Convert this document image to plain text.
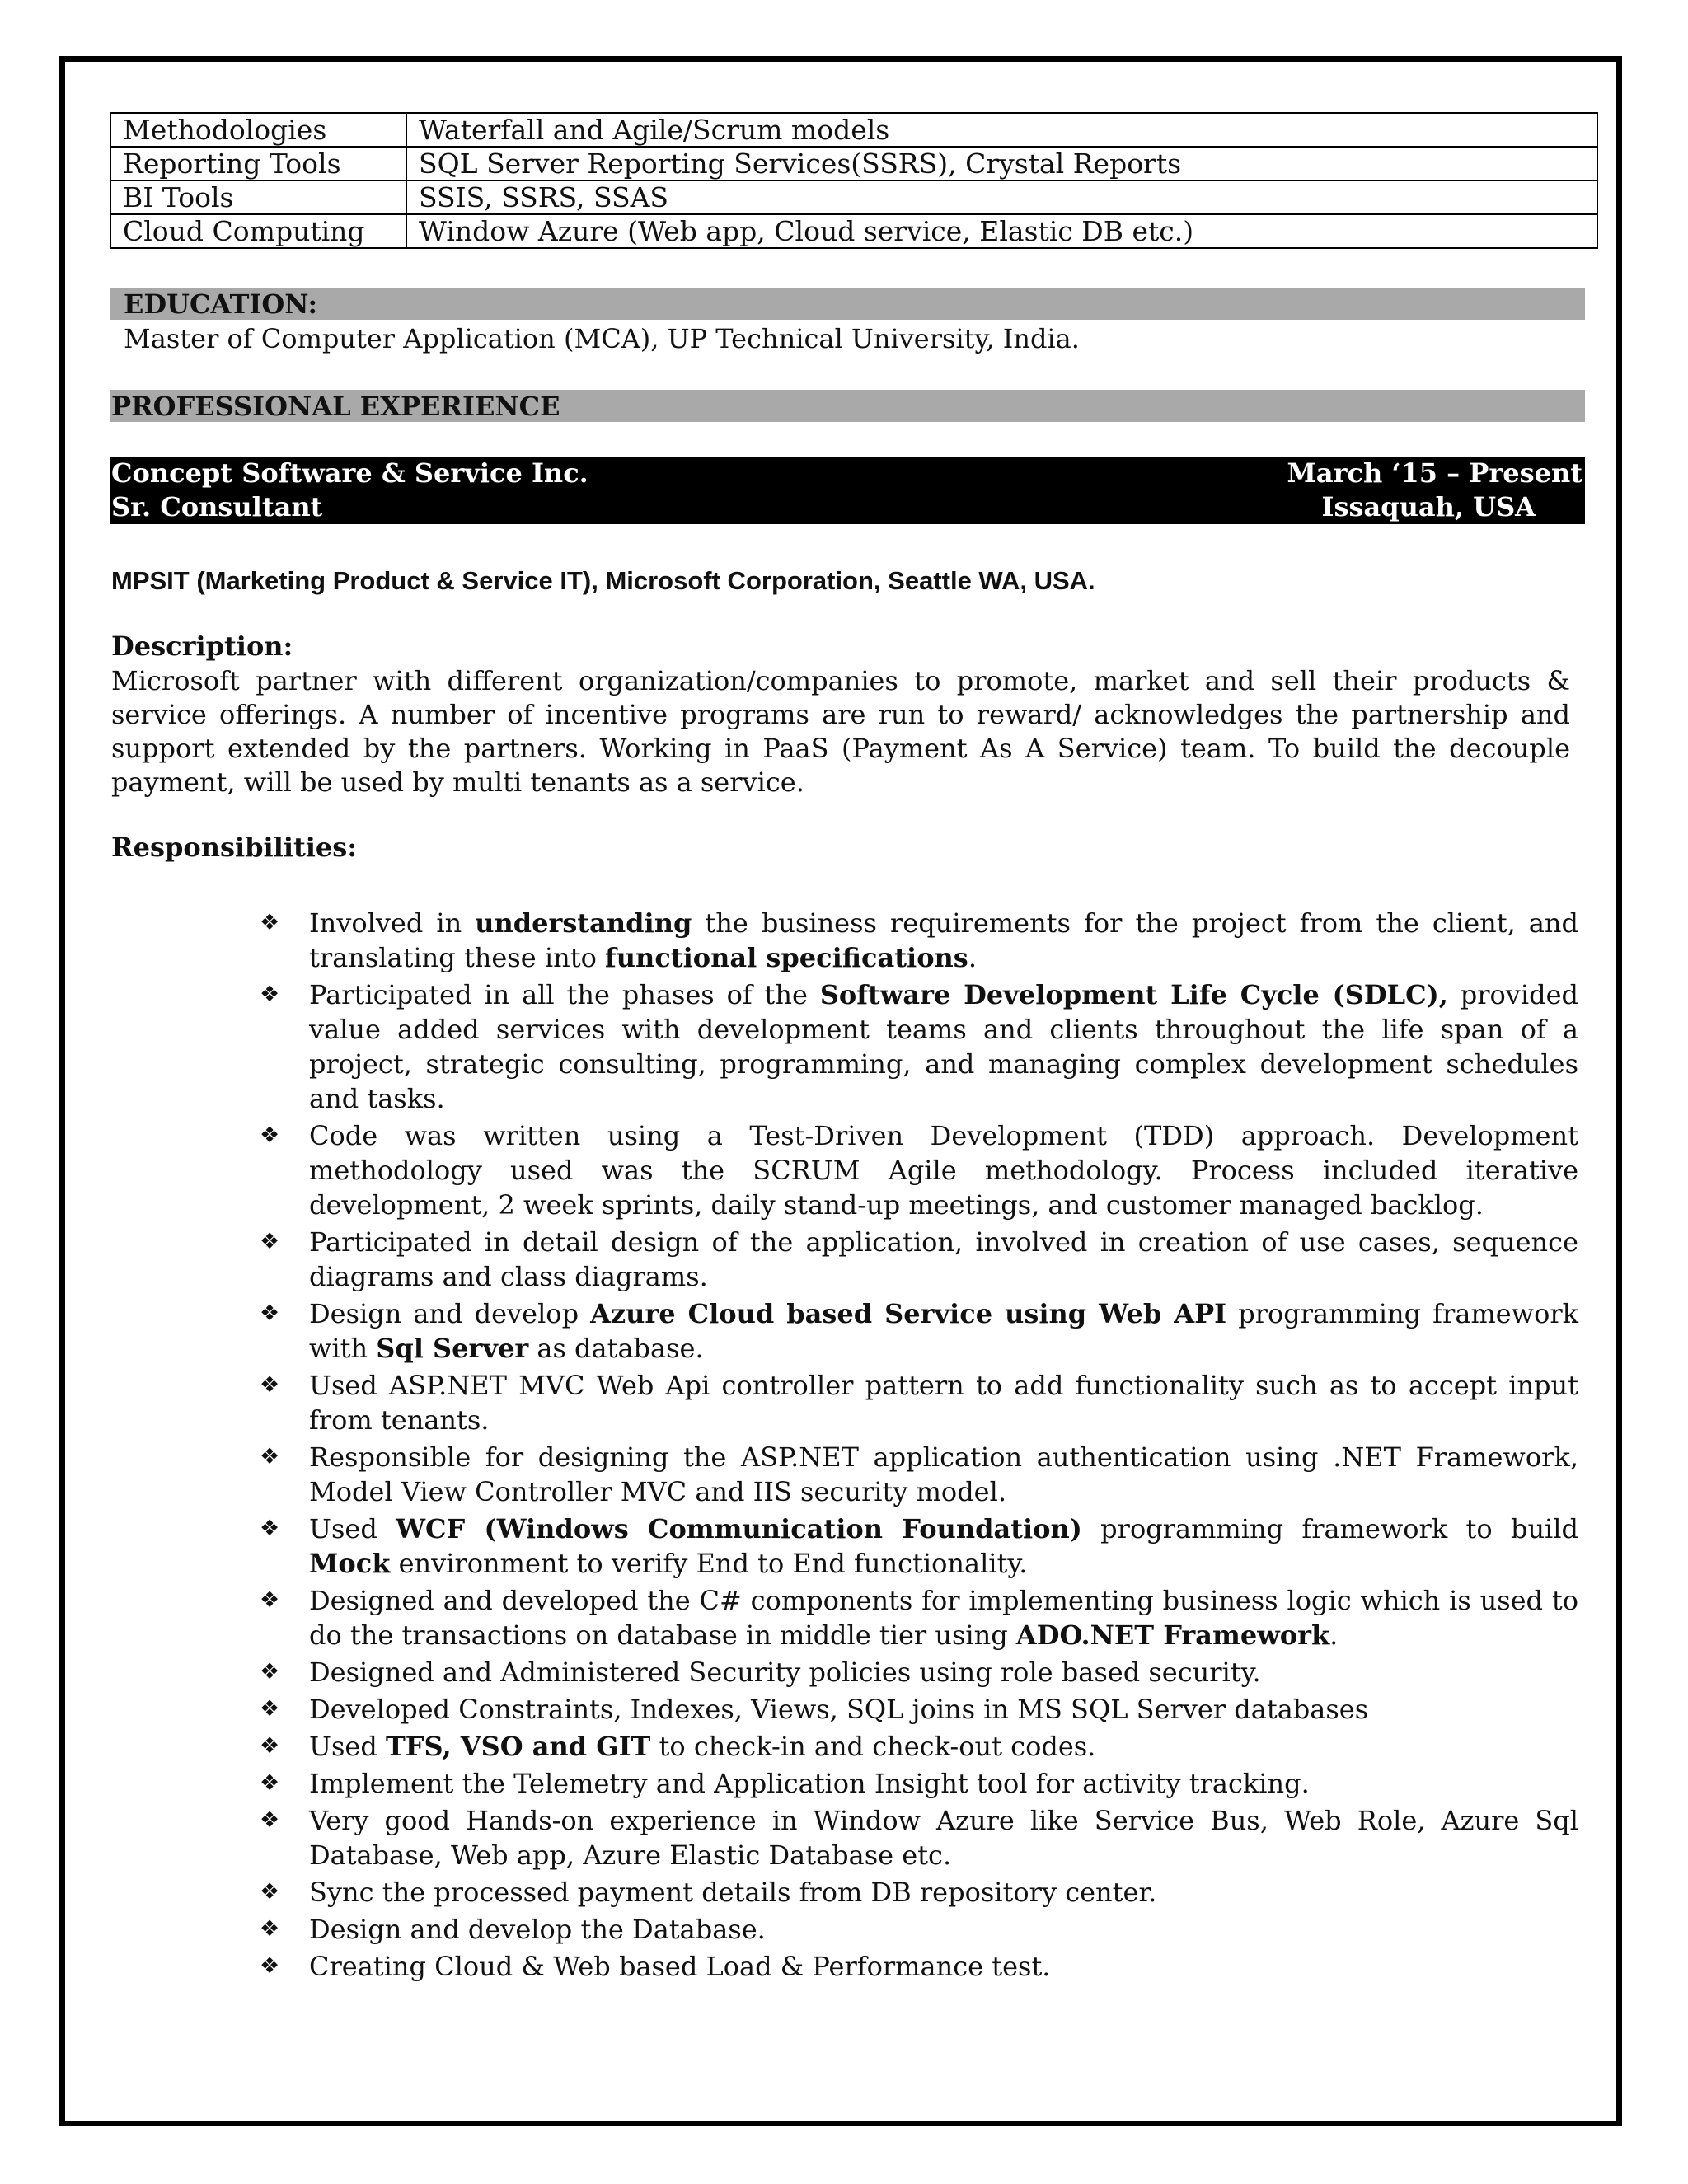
Methodologies	Waterfall and Agile/Scrum models
Reporting Tools	SQL Server Reporting Services(SSRS), Crystal Reports
BI Tools	SSIS, SSRS, SSAS
Cloud Computing	Window Azure (Web app, Cloud service, Elastic DB etc.)
EDUCATION:
Master of Computer Application (MCA), UP Technical University, India.
PROFESSIONAL EXPERIENCE
Concept Software & Service Inc.	March ‘15 – Present
Sr. Consultant	Issaquah, USA
MPSIT (Marketing Product & Service IT), Microsoft Corporation, Seattle WA, USA.
Description:
Microsoft partner with different organization/companies to promote, market and sell their products & service offerings. A number of incentive programs are run to reward/ acknowledges the partnership and support extended by the partners. Working in PaaS (Payment As A Service) team. To build the decouple payment, will be used by multi tenants as a service.
Responsibilities:
❖ Involved in understanding the business requirements for the project from the client, and translating these into functional specifications.
❖ Participated in all the phases of the Software Development Life Cycle (SDLC), provided value added services with development teams and clients throughout the life span of a project, strategic consulting, programming, and managing complex development schedules and tasks.
❖ Code was written using a Test-Driven Development (TDD) approach. Development methodology used was the SCRUM Agile methodology. Process included iterative development, 2 week sprints, daily stand-up meetings, and customer managed backlog.
❖ Participated in detail design of the application, involved in creation of use cases, sequence diagrams and class diagrams.
❖ Design and develop Azure Cloud based Service using Web API programming framework with Sql Server as database.
❖ Used ASP.NET MVC Web Api controller pattern to add functionality such as to accept input from tenants.
❖ Responsible for designing the ASP.NET application authentication using .NET Framework, Model View Controller MVC and IIS security model.
❖ Used WCF (Windows Communication Foundation) programming framework to build Mock environment to verify End to End functionality.
❖ Designed and developed the C# components for implementing business logic which is used to do the transactions on database in middle tier using ADO.NET Framework.
❖ Designed and Administered Security policies using role based security.
❖ Developed Constraints, Indexes, Views, SQL joins in MS SQL Server databases
❖ Used TFS, VSO and GIT to check-in and check-out codes.
❖ Implement the Telemetry and Application Insight tool for activity tracking.
❖ Very good Hands-on experience in Window Azure like Service Bus, Web Role, Azure Sql Database, Web app, Azure Elastic Database etc.
❖ Sync the processed payment details from DB repository center.
❖ Design and develop the Database.
❖ Creating Cloud & Web based Load & Performance test.
